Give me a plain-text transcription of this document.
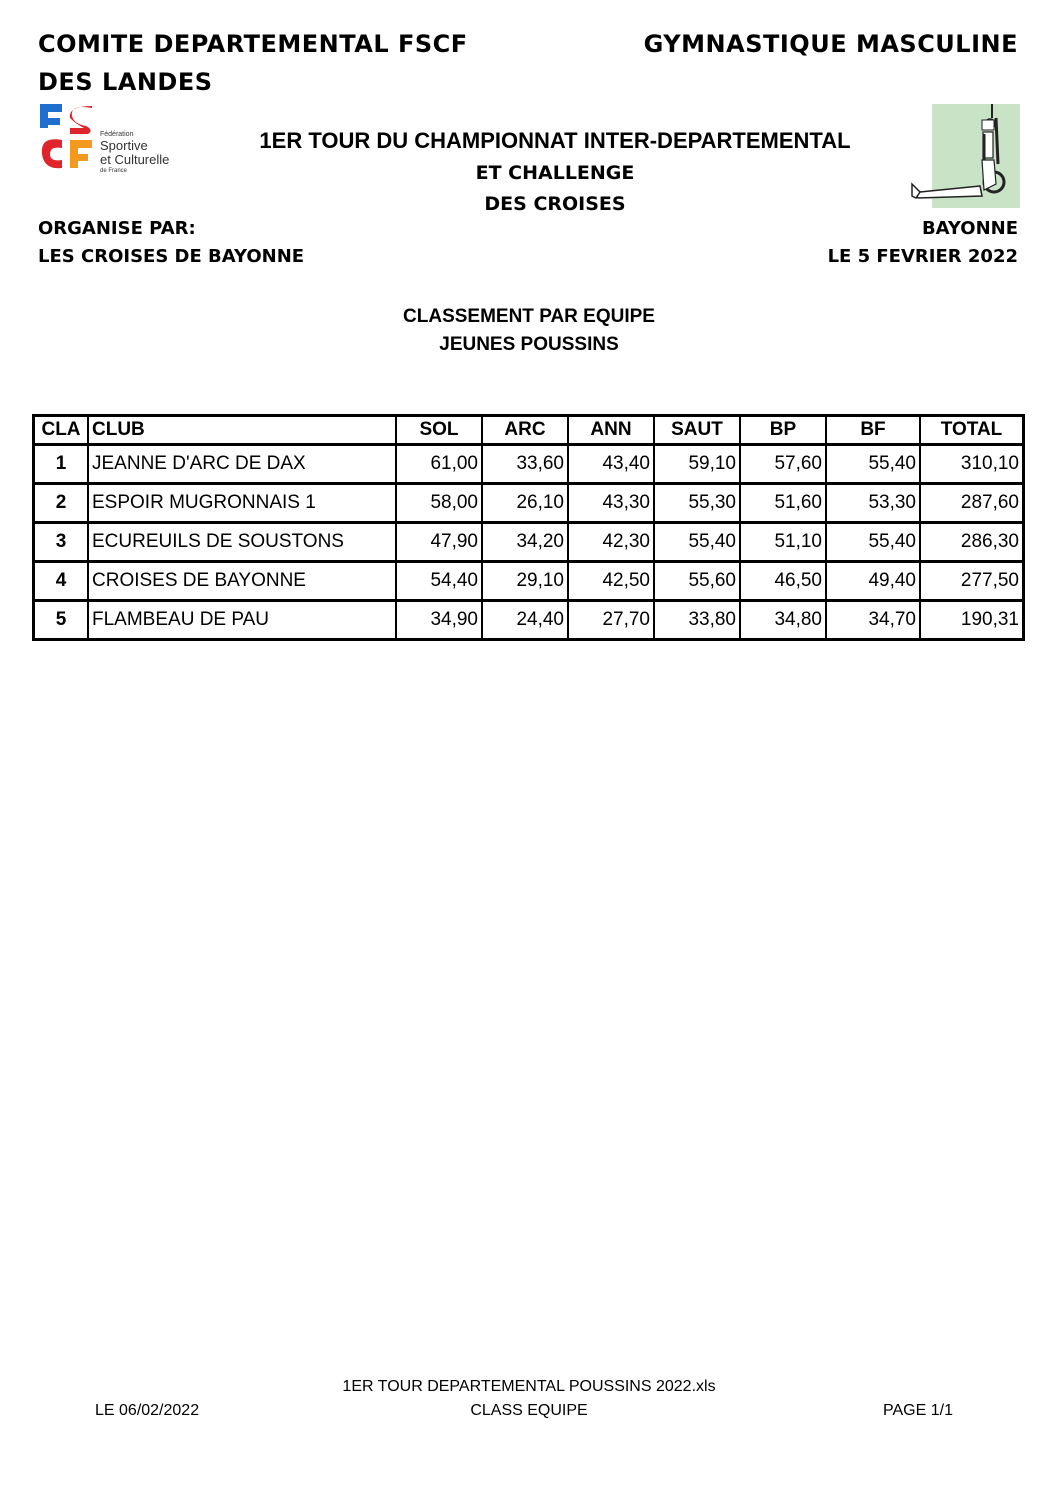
COMITE DEPARTEMENTAL FSCF
DES LANDES
GYMNASTIQUE MASCULINE
Fédération
Sportive
et Culturelle
de France
1ER TOUR DU CHAMPIONNAT INTER-DEPARTEMENTAL
ET CHALLENGE
DES CROISES
ORGANISE PAR:
LES CROISES DE BAYONNE
BAYONNE
LE 5 FEVRIER 2022
CLASSEMENT PAR EQUIPE
JEUNES POUSSINS
CLA	CLUB	SOL	ARC	ANN	SAUT	BP	BF	TOTAL
1	JEANNE D'ARC DE DAX	61,00	33,60	43,40	59,10	57,60	55,40	310,10
2	ESPOIR MUGRONNAIS 1	58,00	26,10	43,30	55,30	51,60	53,30	287,60
3	ECUREUILS DE SOUSTONS	47,90	34,20	42,30	55,40	51,10	55,40	286,30
4	CROISES DE BAYONNE	54,40	29,10	42,50	55,60	46,50	49,40	277,50
5	FLAMBEAU DE PAU	34,90	24,40	27,70	33,80	34,80	34,70	190,31
1ER TOUR DEPARTEMENTAL POUSSINS 2022.xls
LE 06/02/2022	CLASS EQUIPE	PAGE 1/1
